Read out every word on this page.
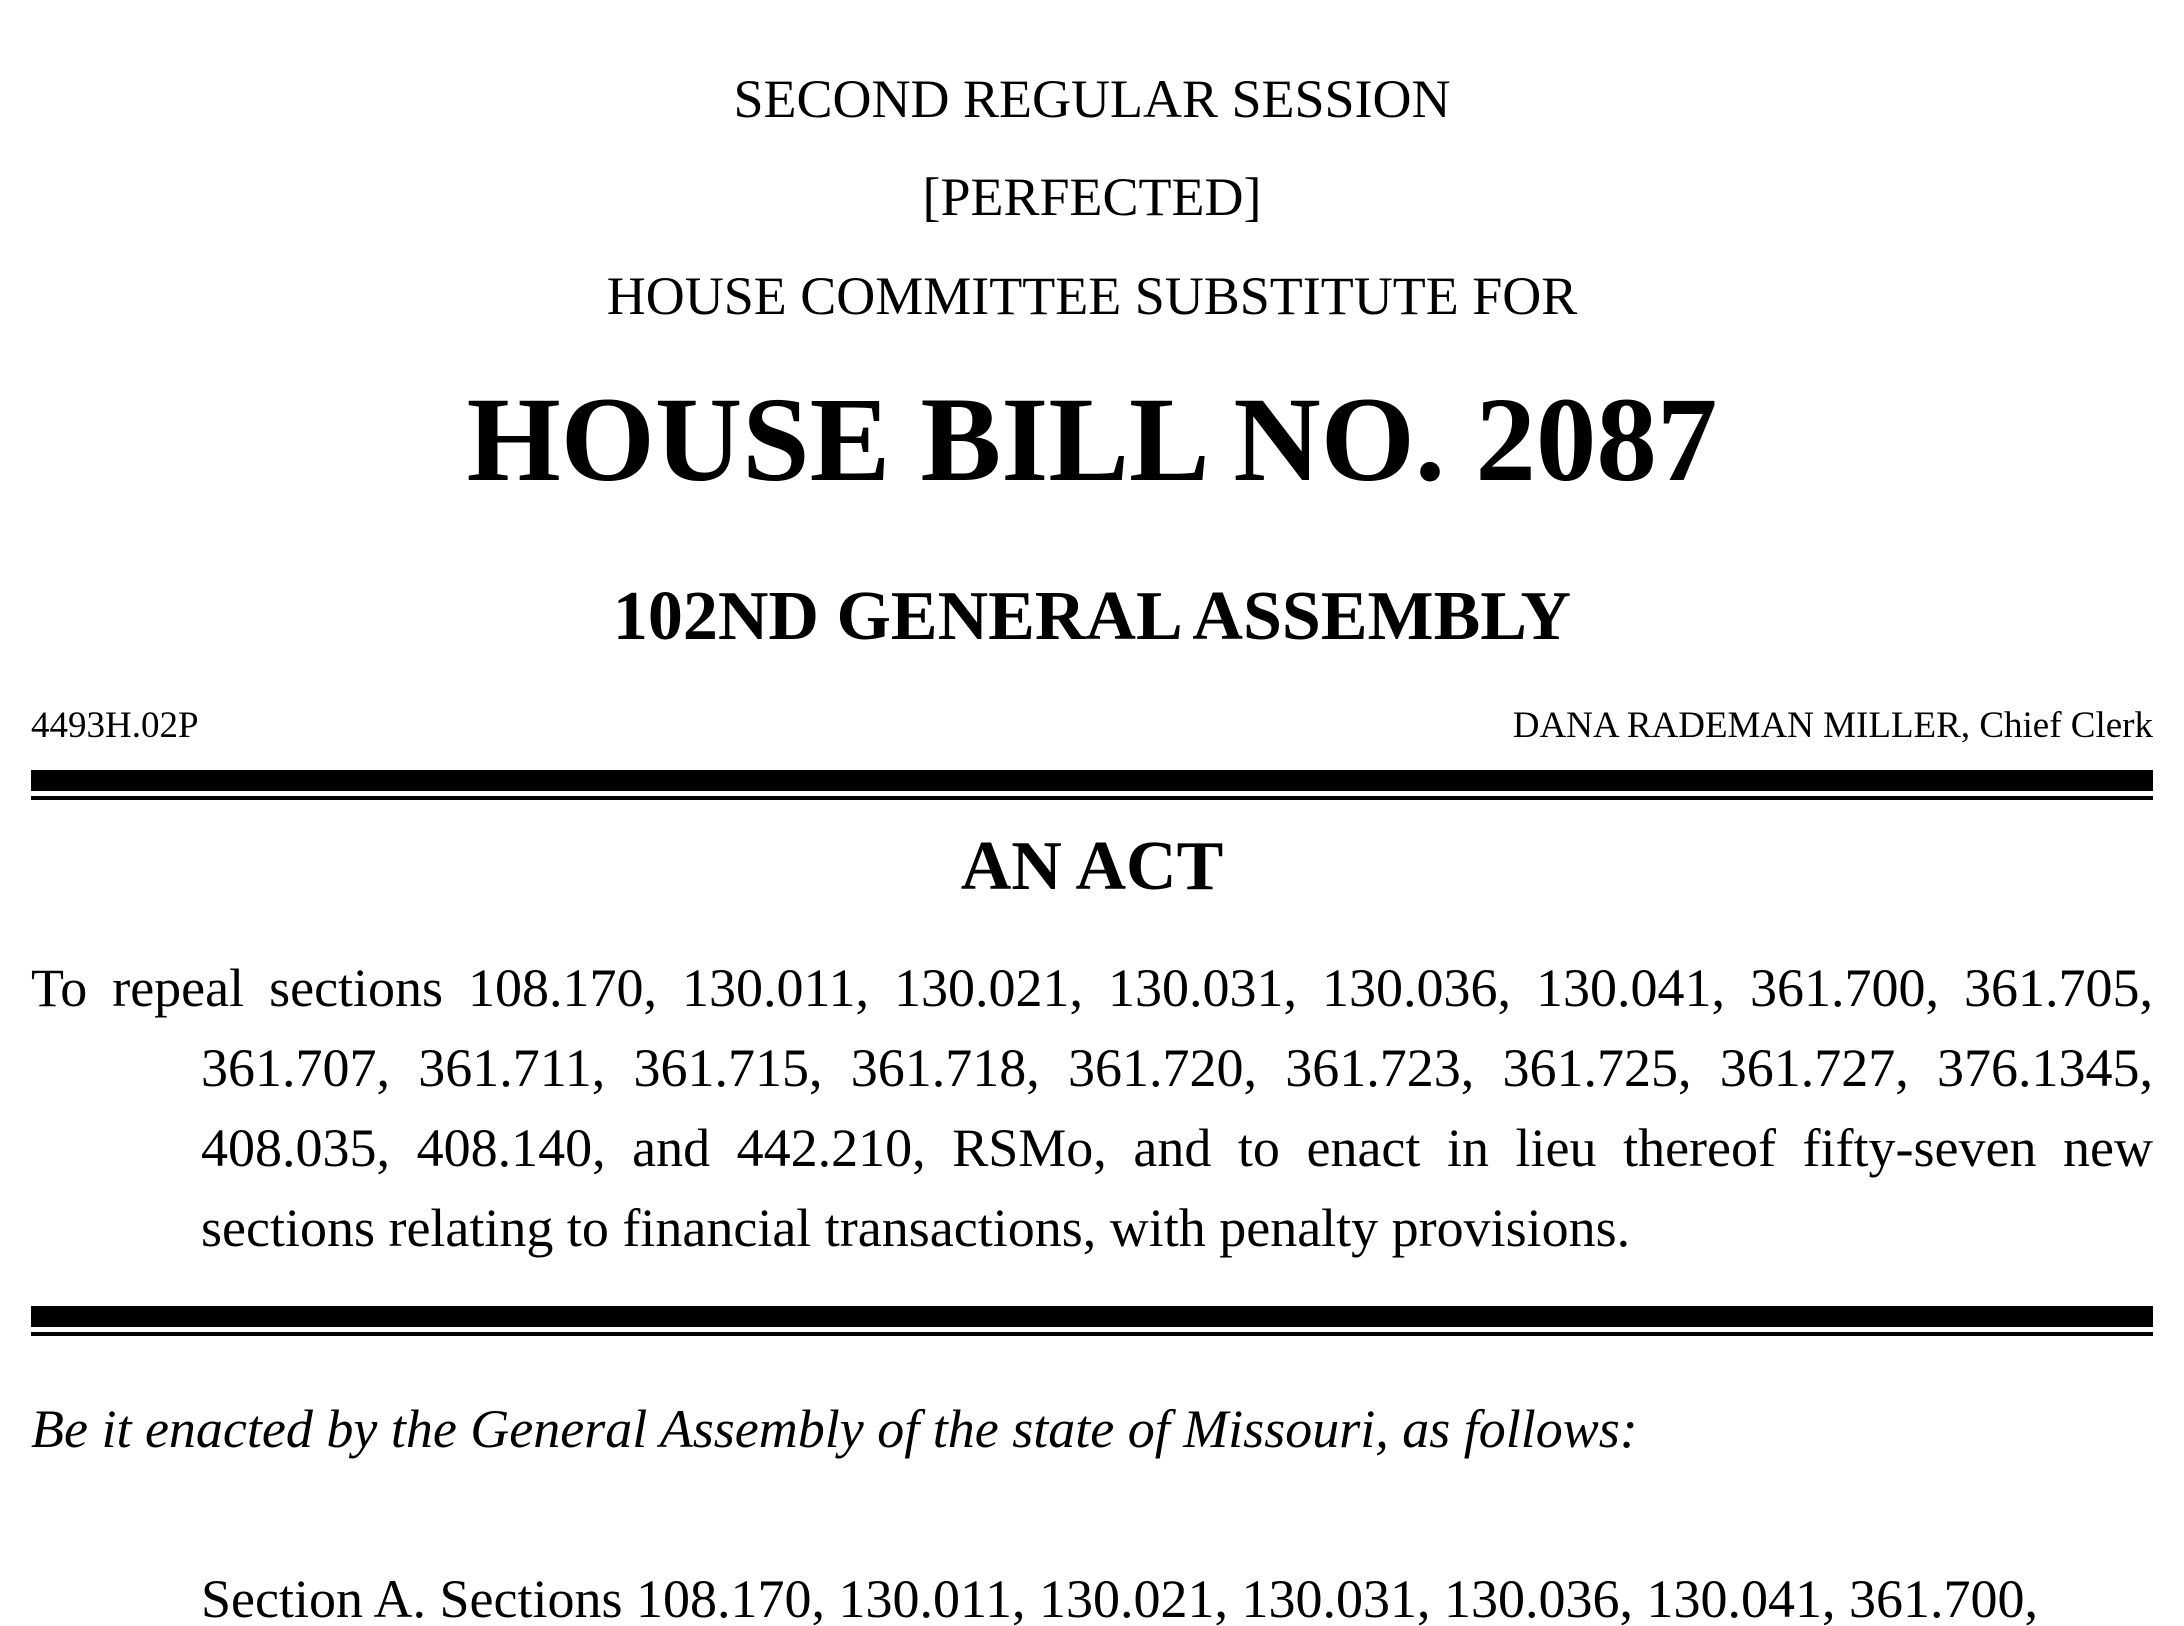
SECOND REGULAR SESSION
[PERFECTED]
HOUSE COMMITTEE SUBSTITUTE FOR
HOUSE BILL NO. 2087
102ND GENERAL ASSEMBLY
4493H.02P	DANA RADEMAN MILLER, Chief Clerk
AN ACT
To repeal sections 108.170, 130.011, 130.021, 130.031, 130.036, 130.041, 361.700, 361.705, 361.707, 361.711, 361.715, 361.718, 361.720, 361.723, 361.725, 361.727, 376.1345, 408.035, 408.140, and 442.210, RSMo, and to enact in lieu thereof fifty-seven new sections relating to financial transactions, with penalty provisions.
Be it enacted by the General Assembly of the state of Missouri, as follows:
Section A. Sections 108.170, 130.011, 130.021, 130.031, 130.036, 130.041, 361.700,
